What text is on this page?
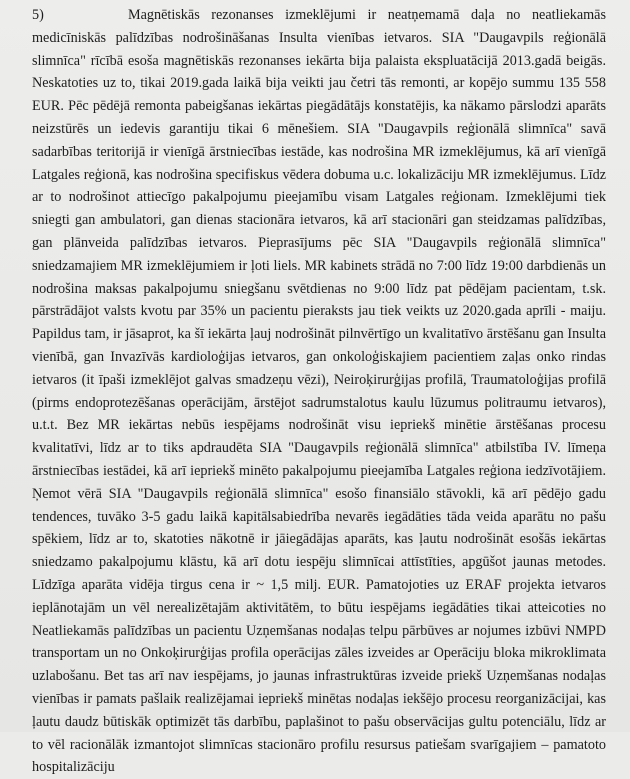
5)	Magnētiskās rezonanses izmeklējumi ir neatņemamā daļa no neatliekamās medicīniskās palīdzības nodrošināšanas Insulta vienības ietvaros. SIA "Daugavpils reģionālā slimnīca" rīcībā esoša magnētiskās rezonanses iekārta bija palaista ekspluatācijā 2013.gadā beigās. Neskatoties uz to, tikai 2019.gada laikā bija veikti jau četri tās remonti, ar kopējo summu 135 558 EUR. Pēc pēdējā remonta pabeigšanas iekārtas piegādātājs konstatējis, ka nākamo pārslodzi aparāts neizstūrēs un iedevis garantiju tikai 6 mēnešiem. SIA "Daugavpils reģionālā slimnīca" savā sadarbības teritorijā ir vienīgā ārstniecības iestāde, kas nodrošina MR izmeklējumus, kā arī vienīgā Latgales reģionā, kas nodrošina specifiskus vēdera dobuma u.c. lokalizāciju MR izmeklējumus. Līdz ar to nodrošinot attiecīgo pakalpojumu pieejamību visam Latgales reģionam. Izmeklējumi tiek sniegti gan ambulatori, gan dienas stacionāra ietvaros, kā arī stacionāri gan steidzamas palīdzības, gan plānveida palīdzības ietvaros. Pieprasījums pēc SIA "Daugavpils reģionālā slimnīca" sniedzamajiem MR izmeklējumiem ir ļoti liels. MR kabinets strādā no 7:00 līdz 19:00 darbdienās un nodrošina maksas pakalpojumu sniegšanu svētdienas no 9:00 līdz pat pēdējam pacientam, t.sk. pārstrādājot valsts kvotu par 35% un pacientu pieraksts jau tiek veikts uz 2020.gada aprīli - maiju. Papildus tam, ir jāsaprot, ka šī iekārta ļauj nodrošināt pilnvērtīgo un kvalitatīvo ārstēšanu gan Insulta vienībā, gan Invazīvās kardioloģijas ietvaros, gan onkoloģiskajiem pacientiem zaļas onko rindas ietvaros (it īpaši izmeklējot galvas smadzeņu vēzi), Neiroķirurģijas profilā, Traumatoloģijas profilā (pirms endoprotezēšanas operācijām, ārstējot sadrumstalotus kaulu lūzumus politraumu ietvaros), u.t.t. Bez MR iekārtas nebūs iespējams nodrošināt visu iepriekš minētie ārstēšanas procesu kvalitatīvi, līdz ar to tiks apdraudēta SIA "Daugavpils reģionālā slimnīca" atbilstība IV. līmeņa ārstniecības iestādei, kā arī iepriekš minēto pakalpojumu pieejamība Latgales reģiona iedzīvotājiem. Ņemot vērā SIA "Daugavpils reģionālā slimnīca" esošo finansiālo stāvokli, kā arī pēdējo gadu tendences, tuvāko 3-5 gadu laikā kapitālsabiedrība nevarēs iegādāties tāda veida aparātu no pašu spēkiem, līdz ar to, skatoties nākotnē ir jāiegādājas aparāts, kas ļautu nodrošināt esošās iekārtas sniedzamo pakalpojumu klāstu, kā arī dotu iespēju slimnīcai attīstīties, apgūšot jaunas metodes. Līdzīga aparāta vidēja tirgus cena ir ~ 1,5 milj. EUR. Pamatojoties uz ERAF projekta ietvaros ieplānotajām un vēl nerealizētajām aktivitātēm, to būtu iespējams iegādāties tikai atteicoties no Neatliekamās palīdzības un pacientu Uzņemšanas nodaļas telpu pārbūves ar nojumes izbūvi NMPD transportam un no Onkoķirurģijas profila operācijas zāles izveides ar Operāciju bloka mikroklimata uzlabošanu. Bet tas arī nav iespējams, jo jaunas infrastruktūras izveide priekš Uzņemšanas nodaļas vienības ir pamats pašlaik realizējamai iepriekš minētas nodaļas iekšējo procesu reorganizācijai, kas ļautu daudz būtiskāk optimizēt tās darbību, paplašinot to pašu observācijas gultu potenciālu, līdz ar to vēl racionālāk izmantojot slimnīcas stacionāro profilu resursus patiešam svarīgajiem – pamatoto hospitalizāciju
